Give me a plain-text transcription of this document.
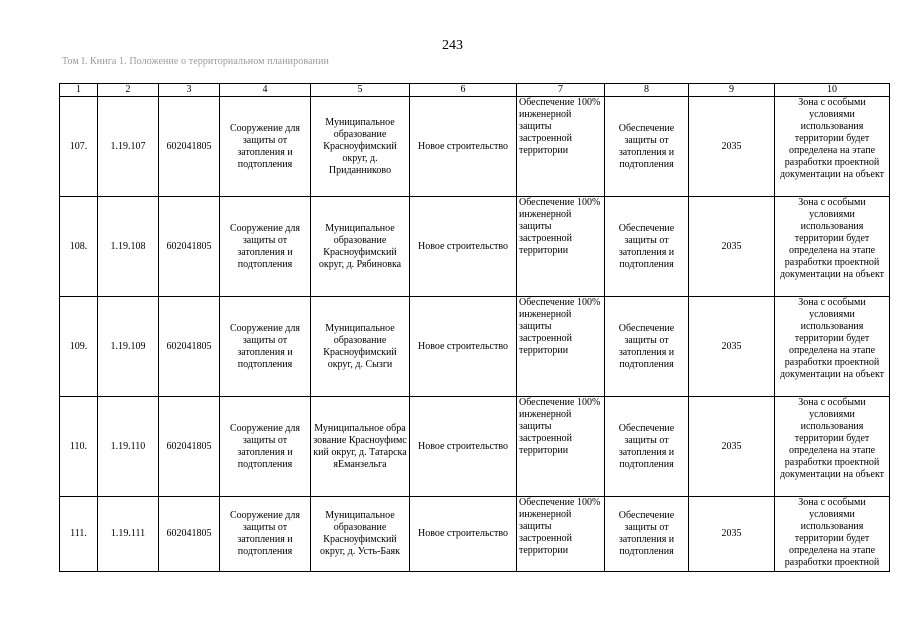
243
Том I. Книга 1. Положение о территориальном планировании
1	2	3	4	5	6	7	8	9	10
107.	1.19.107	602041805	Сооружение для защиты от затопления и подтопления	Муниципальное образование Красноуфимский округ, д. Приданниково	Новое строительство	Обеспечение 100% инженерной защиты застроенной территории	Обеспечение защиты от затопления и подтопления	2035	Зона с особыми условиями использования территории будет определена на этапе разработки проектной документации на объект
108.	1.19.108	602041805	Сооружение для защиты от затопления и подтопления	Муниципальное образование Красноуфимский округ, д. Рябиновка	Новое строительство	Обеспечение 100% инженерной защиты застроенной территории	Обеспечение защиты от затопления и подтопления	2035	Зона с особыми условиями использования территории будет определена на этапе разработки проектной документации на объект
109.	1.19.109	602041805	Сооружение для защиты от затопления и подтопления	Муниципальное образование Красноуфимский округ, д. Сызги	Новое строительство	Обеспечение 100% инженерной защиты застроенной территории	Обеспечение защиты от затопления и подтопления	2035	Зона с особыми условиями использования территории будет определена на этапе разработки проектной документации на объект
110.	1.19.110	602041805	Сооружение для защиты от затопления и подтопления	Муниципальное образование Красноуфимский округ, д. ТатарскаяЕманзельга	Новое строительство	Обеспечение 100% инженерной защиты застроенной территории	Обеспечение защиты от затопления и подтопления	2035	Зона с особыми условиями использования территории будет определена на этапе разработки проектной документации на объект
111.	1.19.111	602041805	Сооружение для защиты от затопления и подтопления	Муниципальное образование Красноуфимский округ, д. Усть-Баяк	Новое строительство	Обеспечение 100% инженерной защиты застроенной территории	Обеспечение защиты от затопления и подтопления	2035	Зона с особыми условиями использования территории будет определена на этапе разработки проектной
